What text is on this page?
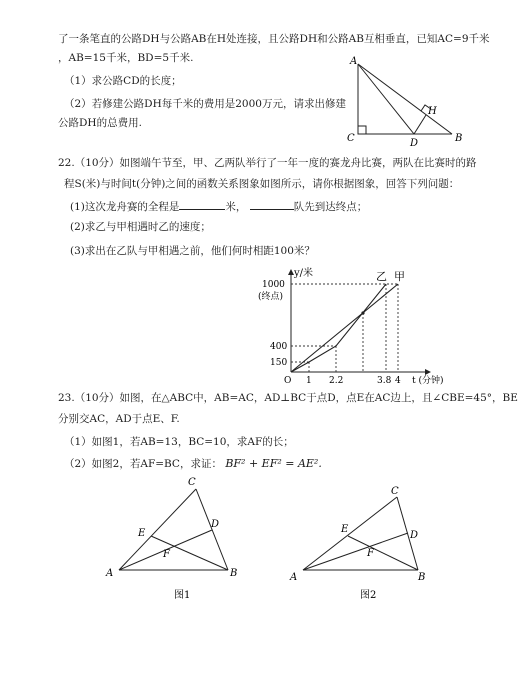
了一条笔直的公路DH与公路AB在H处连接，且公路DH和公路AB互相垂直，已知AC=9千米
，AB=15千米，BD=5千米.
（1）求公路CD的长度；
（2）若修建公路DH每千米的费用是2000万元，请求出修建
公路DH的总费用.
A
H
C	D	B
22.（10分）如图端午节至，甲、乙两队举行了一年一度的赛龙舟比赛，两队在比赛时的路
程S(米)与时间t(分钟)之间的函数关系图象如图所示，请你根据图象，回答下列问题：
(1)这次龙舟赛的全程是	米，	队先到达终点；
(2)求乙与甲相遇时乙的速度；
(3)求出在乙队与甲相遇之前，他们何时相距100米？
y/米
1000
(终点)
400
150
O 1 2.2	3.8 4 t (分钟)
乙 甲
23.（10分）如图，在△ABC中，AB=AC，AD⊥BC于点D，点E在AC边上，且∠CBE=45°，BE
分别交AC，AD于点E、F.
（1）如图1，若AB=13，BC=10，求AF的长；
（2）如图2，若AF=BC，求证： BF² + EF² = AE².
C
E
D
F
A	B
图1
C
E
D
F
A	B
图2
